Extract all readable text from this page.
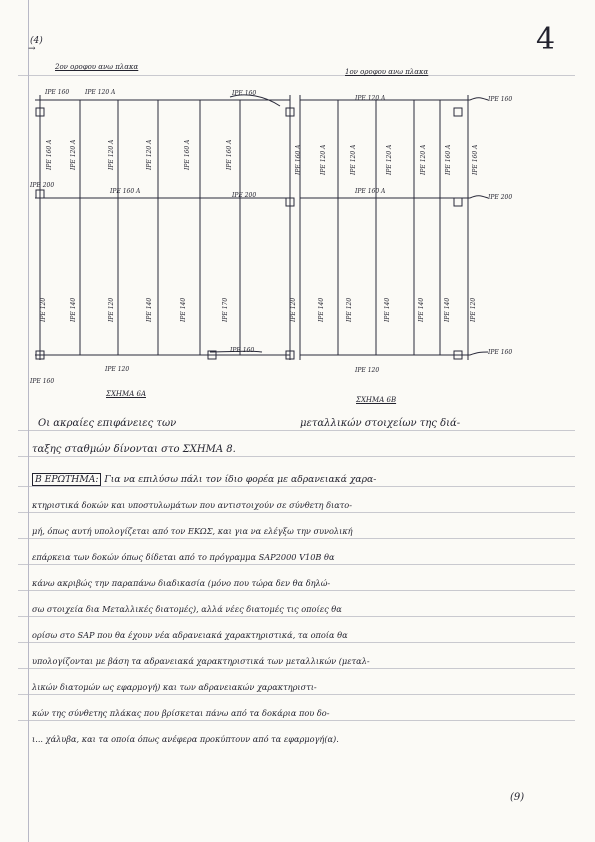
(4)
→	4
2ον οροφου ανω πλακα
1ον οροφου ανω πλακα
IPE 160	IPE 120 A
IPE 200
IPE 160 A
IPE 120
IPE 160
IPE 160 A	IPE 120 A	IPE 120 A	IPE 120 A	IPE 160 A	IPE 160 A
IPE 120	IPE 140	IPE 120	IPE 140	IPE 140	IPE 170
IPE 160
IPE 120 A	IPE 160
IPE 200
IPE 160 A
IPE 200
IPE 160
IPE 120
IPE 160
IPE 160 A	IPE 120 A	IPE 120 A	IPE 120 A	IPE 120 A	IPE 160 A	IPE 160 A
IPE 120	IPE 140	IPE 120	IPE 140	IPE 140	IPE 140	IPE 120
ΣΧΗΜΑ 6Α
ΣΧΗΜΑ 6Β
Οι ακραίες επιφάνειες των	μεταλλικών στοιχείων της διά-
ταξης σταθμών δίνονται στο ΣΧΗΜΑ 8.
Β ΕΡΩΤΗΜΑ: Για να επιλύσω πάλι τον ίδιο φορέα με αδρανειακά χαρα-
κτηριστικά δοκών και υποστυλωμάτων που αντιστοιχούν σε σύνθετη διατο-
μή, όπως αυτή υπολογίζεται από τον ΕΚΩΣ, και για να ελέγξω την συνολική
επάρκεια των δοκών όπως δίδεται από το πρόγραμμα SAP2000 V10B θα
κάνω ακριβώς την παραπάνω διαδικασία (μόνο που τώρα δεν θα δηλώ-
σω στοιχεία δια Μεταλλικές διατομές), αλλά νέες διατομές τις οποίες θα
ορίσω στο SAP που θα έχουν νέα αδρανειακά χαρακτηριστικά, τα οποία θα
υπολογίζονται με βάση τα αδρανειακά χαρακτηριστικά των μεταλλικών (μεταλ-
λικών διατομών ως εφαρμογή) και των αδρανειακών χαρακτηριστι-
κών της σύνθετης πλάκας που βρίσκεται πάνω από τα δοκάρια που δο-
ι... χάλυβα, και τα οποία όπως ανέφερα προκύπτουν από τα εφαρμογή(α).
(9)
